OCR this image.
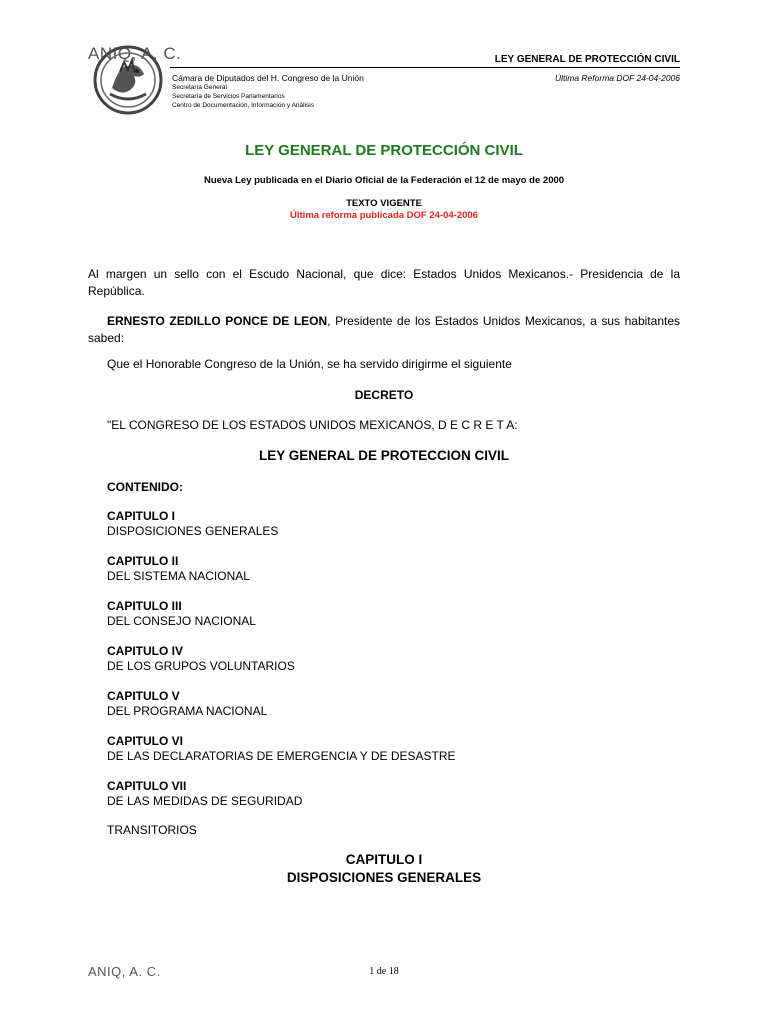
ANIQ, A. C.	LEY GENERAL DE PROTECCIÓN CIVIL
Cámara de Diputados del H. Congreso de la Unión
Secretaría General
Secretaría de Servicios Parlamentarios
Centro de Documentación, Información y Análisis
Última Reforma DOF 24-04-2006
LEY GENERAL DE PROTECCIÓN CIVIL
Nueva Ley publicada en el Diario Oficial de la Federación el 12 de mayo de 2000
TEXTO VIGENTE
Última reforma publicada DOF 24-04-2006
Al margen un sello con el Escudo Nacional, que dice: Estados Unidos Mexicanos.- Presidencia de la República.
ERNESTO ZEDILLO PONCE DE LEON, Presidente de los Estados Unidos Mexicanos, a sus habitantes sabed:
Que el Honorable Congreso de la Unión, se ha servido dirigirme el siguiente
DECRETO
"EL CONGRESO DE LOS ESTADOS UNIDOS MEXICANOS, D E C R E T A:
LEY GENERAL DE PROTECCION CIVIL
CONTENIDO:
CAPITULO I
DISPOSICIONES GENERALES
CAPITULO II
DEL SISTEMA NACIONAL
CAPITULO III
DEL CONSEJO NACIONAL
CAPITULO IV
DE LOS GRUPOS VOLUNTARIOS
CAPITULO V
DEL PROGRAMA NACIONAL
CAPITULO VI
DE LAS DECLARATORIAS DE EMERGENCIA Y DE DESASTRE
CAPITULO VII
DE LAS MEDIDAS DE SEGURIDAD
TRANSITORIOS
CAPITULO I
DISPOSICIONES GENERALES
ANIQ, A. C.	1 de 18
